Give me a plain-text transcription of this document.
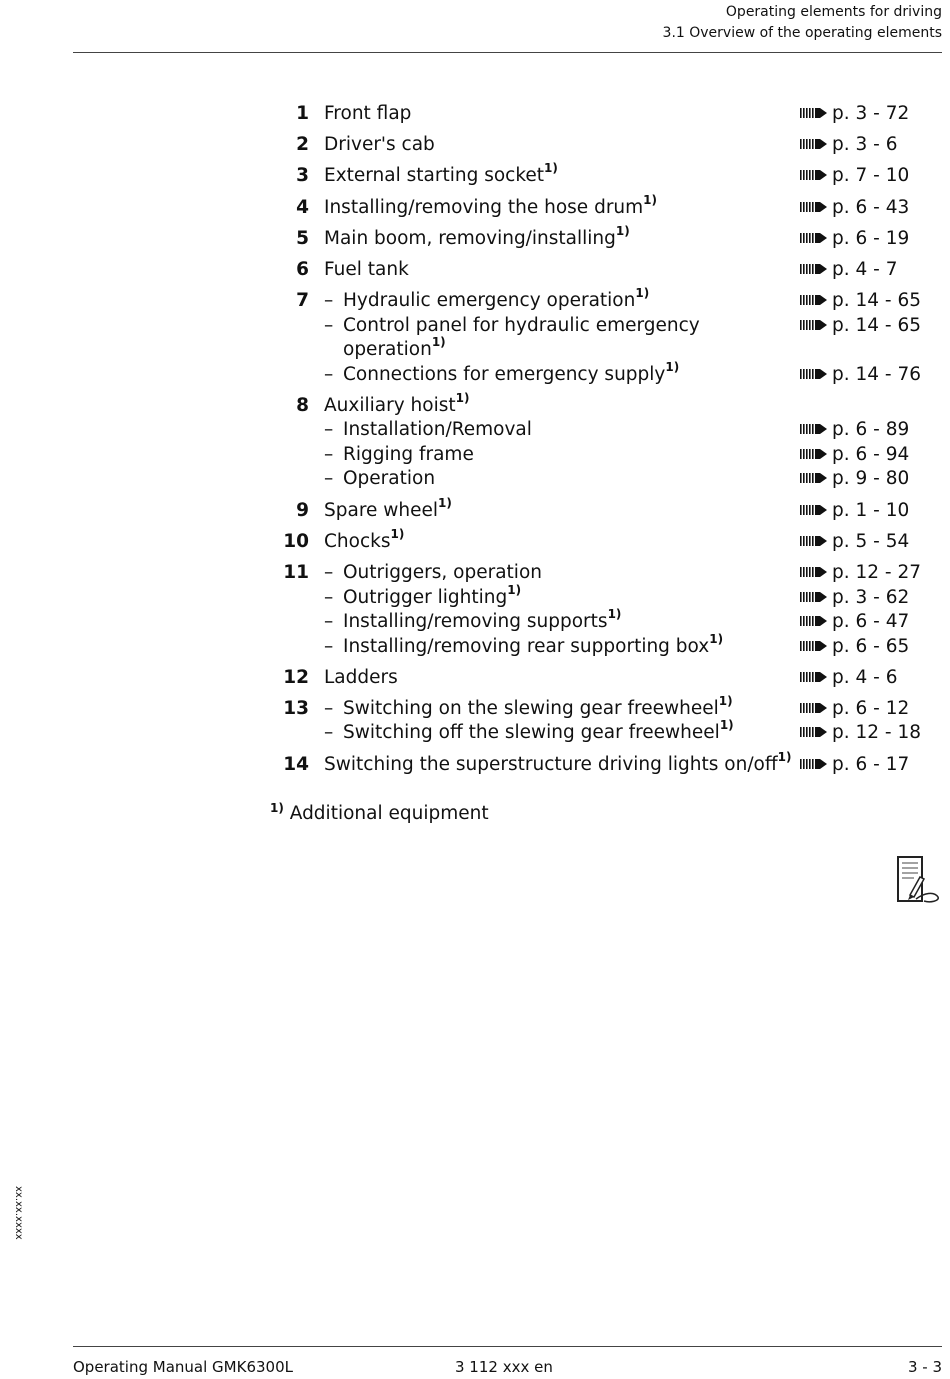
Operating elements for driving
3.1 Overview of the operating elements
1 Front flap	p. 3 - 72
2 Driver's cab	p. 3 - 6
3 External starting socket$^{1)}$	p. 7 - 10
4 Installing/removing the hose drum$^{1)}$	p. 6 - 43
5 Main boom, removing/installing$^{1)}$	p. 6 - 19
6 Fuel tank	p. 4 - 7
7 – Hydraulic emergency operation$^{1)}$	p. 14 - 65
– Control panel for hydraulic emergency	p. 14 - 65
operation$^{1)}$
– Connections for emergency supply$^{1)}$	p. 14 - 76
8 Auxiliary hoist$^{1)}$
– Installation/Removal	p. 6 - 89
– Rigging frame	p. 6 - 94
– Operation	p. 9 - 80
9 Spare wheel$^{1)}$	p. 1 - 10
10 Chocks$^{1)}$	p. 5 - 54
11 – Outriggers, operation	p. 12 - 27
– Outrigger lighting$^{1)}$	p. 3 - 62
– Installing/removing supports$^{1)}$	p. 6 - 47
– Installing/removing rear supporting box$^{1)}$	p. 6 - 65
12 Ladders	p. 4 - 6
13 – Switching on the slewing gear freewheel$^{1)}$	p. 6 - 12
– Switching off the slewing gear freewheel$^{1)}$	p. 12 - 18
14 Switching the superstructure driving lights on/off$^{1)}$	p. 6 - 17
$^{1)}$ Additional equipment
xx.xx.xxxx
Operating Manual GMK6300L	3 112 xxx en	3 - 3
